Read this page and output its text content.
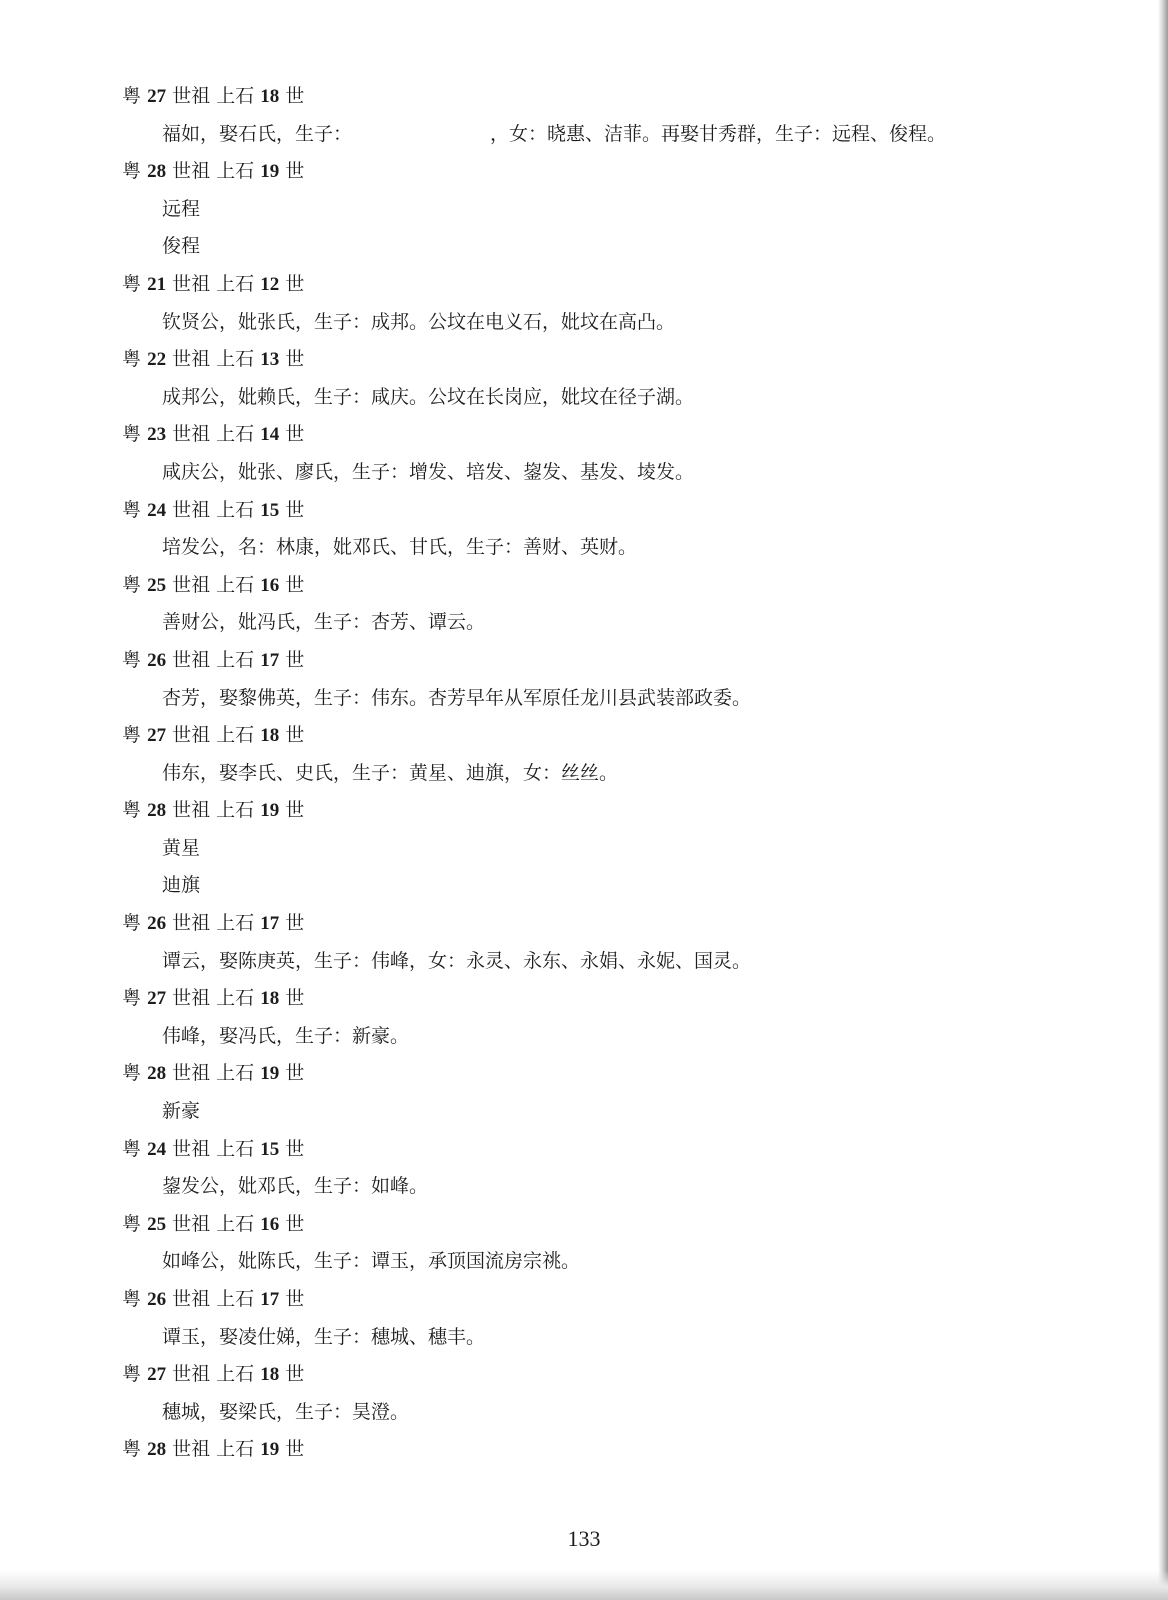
粤 27 世祖 上石 18 世
福如，娶石氏，生子：	，女：晓惠、洁菲。再娶甘秀群，生子：远程、俊程。
粤 28 世祖 上石 19 世
远程
俊程
粤 21 世祖 上石 12 世
钦贤公，妣张氏，生子：成邦。公坟在电义石，妣坟在高凸。
粤 22 世祖 上石 13 世
成邦公，妣赖氏，生子：咸庆。公坟在长岗应，妣坟在径子湖。
粤 23 世祖 上石 14 世
咸庆公，妣张、廖氏，生子：增发、培发、鋆发、基发、堎发。
粤 24 世祖 上石 15 世
培发公，名：林康，妣邓氏、甘氏，生子：善财、英财。
粤 25 世祖 上石 16 世
善财公，妣冯氏，生子：杏芳、谭云。
粤 26 世祖 上石 17 世
杏芳，娶黎佛英，生子：伟东。杏芳早年从军原任龙川县武装部政委。
粤 27 世祖 上石 18 世
伟东，娶李氏、史氏，生子：黄星、迪旗，女：丝丝。
粤 28 世祖 上石 19 世
黄星
迪旗
粤 26 世祖 上石 17 世
谭云，娶陈庚英，生子：伟峰，女：永灵、永东、永娟、永妮、国灵。
粤 27 世祖 上石 18 世
伟峰，娶冯氏，生子：新豪。
粤 28 世祖 上石 19 世
新豪
粤 24 世祖 上石 15 世
鋆发公，妣邓氏，生子：如峰。
粤 25 世祖 上石 16 世
如峰公，妣陈氏，生子：谭玉，承顶国流房宗祧。
粤 26 世祖 上石 17 世
谭玉，娶凌仕娣，生子：穗城、穗丰。
粤 27 世祖 上石 18 世
穗城，娶梁氏，生子：昊澄。
粤 28 世祖 上石 19 世
133
